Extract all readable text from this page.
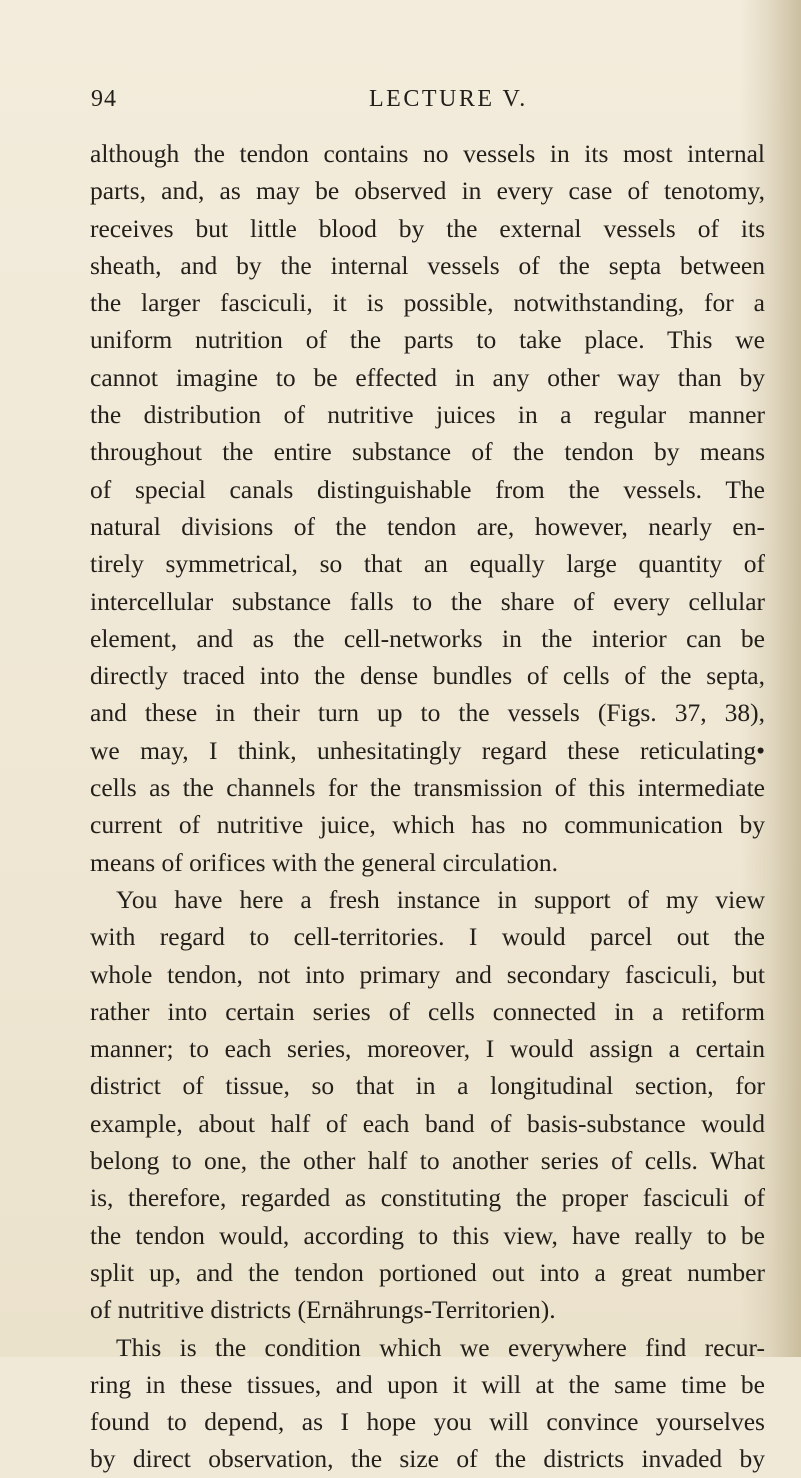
94	LECTURE V.
although the tendon contains no vessels in its most internal
parts, and, as may be observed in every case of tenotomy,
receives but little blood by the external vessels of its
sheath, and by the internal vessels of the septa between
the larger fasciculi, it is possible, notwithstanding, for a
uniform nutrition of the parts to take place. This we
cannot imagine to be effected in any other way than by
the distribution of nutritive juices in a regular manner
throughout the entire substance of the tendon by means
of special canals distinguishable from the vessels. The
natural divisions of the tendon are, however, nearly en-
tirely symmetrical, so that an equally large quantity of
intercellular substance falls to the share of every cellular
element, and as the cell-networks in the interior can be
directly traced into the dense bundles of cells of the septa,
and these in their turn up to the vessels (Figs. 37, 38),
we may, I think, unhesitatingly regard these reticulating•
cells as the channels for the transmission of this intermediate
current of nutritive juice, which has no communication by
means of orifices with the general circulation.
You have here a fresh instance in support of my view
with regard to cell-territories. I would parcel out the
whole tendon, not into primary and secondary fasciculi, but
rather into certain series of cells connected in a retiform
manner; to each series, moreover, I would assign a certain
district of tissue, so that in a longitudinal section, for
example, about half of each band of basis-substance would
belong to one, the other half to another series of cells. What
is, therefore, regarded as constituting the proper fasciculi of
the tendon would, according to this view, have really to be
split up, and the tendon portioned out into a great number
of nutritive districts (Ernährungs-Territorien).
This is the condition which we everywhere find recur-
ring in these tissues, and upon it will at the same time be
found to depend, as I hope you will convince yourselves
by direct observation, the size of the districts invaded by
